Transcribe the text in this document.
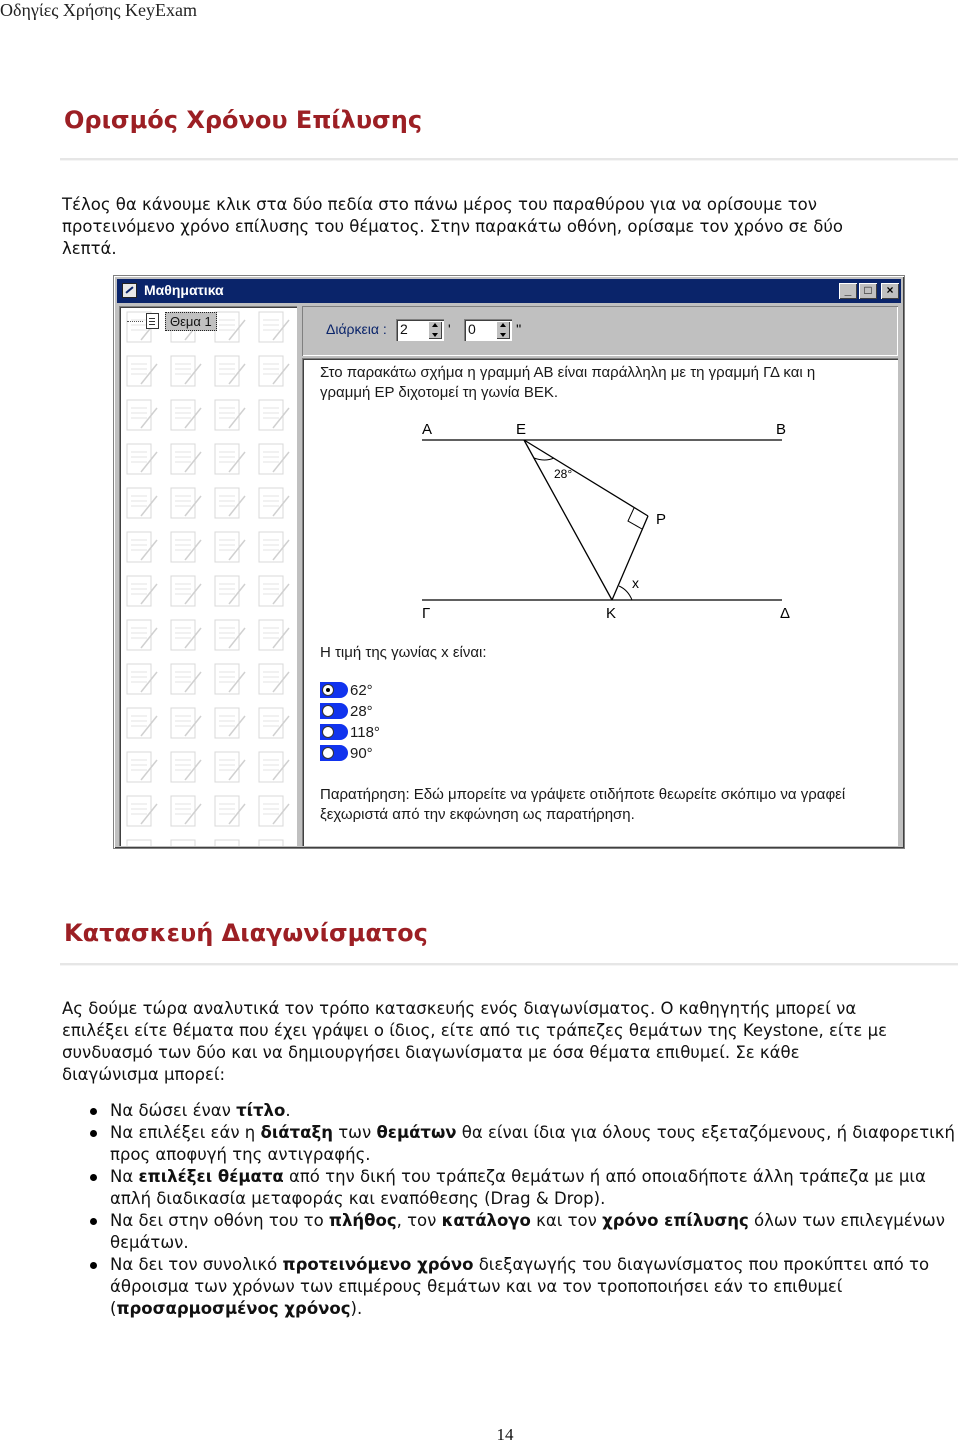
Οδηγίες Χρήσης KeyExam
Ορισμός Χρόνου Επίλυσης
Τέλος θα κάνουμε κλικ στα δύο πεδία στο πάνω μέρος του παραθύρου για να ορίσουμε τον
προτεινόμενο χρόνο επίλυσης του θέματος. Στην παρακάτω οθόνη, ορίσαμε τον χρόνο σε δύο
λεπτά.
Μαθηματικα	_	□	×
Θεμα 1	Διάρκεια : 2	' 0	''
Στο παρακάτω σχήμα η γραμμή ΑΒ είναι παράλληλη με τη γραμμή ΓΔ και η
γραμμή ΕΡ διχοτομεί τη γωνία ΒΕΚ.
Α	Ε	Β
Γ	Κ	Δ
Ρ
x
28°
Η τιμή της γωνίας x είναι:
62°
28°
118°
90°
Παρατήρηση: Εδώ μπορείτε να γράψετε οτιδήποτε θεωρείτε σκόπιμο να γραφεί
ξεχωριστά από την εκφώνηση ως παρατήρηση.
Κατασκευή Διαγωνίσματος
Ας δούμε τώρα αναλυτικά τον τρόπο κατασκευής ενός διαγωνίσματος. Ο καθηγητής μπορεί να
επιλέξει είτε θέματα που έχει γράψει ο ίδιος, είτε από τις τράπεζες θεμάτων της Keystone, είτε με
συνδυασμό των δύο και να δημιουργήσει διαγωνίσματα με όσα θέματα επιθυμεί. Σε κάθε
διαγώνισμα μπορεί:
Να δώσει έναν τίτλο.
Να επιλέξει εάν η διάταξη των θεμάτων θα είναι ίδια για όλους τους εξεταζόμενους, ή διαφορετική προς αποφυγή της αντιγραφής.
Να επιλέξει θέματα από την δική του τράπεζα θεμάτων ή από οποιαδήποτε άλλη τράπεζα με μια απλή διαδικασία μεταφοράς και εναπόθεσης (Drag & Drop).
Να δει στην οθόνη του το πλήθος, τον κατάλογο και τον χρόνο επίλυσης όλων των επιλεγμένων θεμάτων.
Να δει τον συνολικό προτεινόμενο χρόνο διεξαγωγής του διαγωνίσματος που προκύπτει από το άθροισμα των χρόνων των επιμέρους θεμάτων και να τον τροποποιήσει εάν το επιθυμεί (προσαρμοσμένος χρόνος).
14
